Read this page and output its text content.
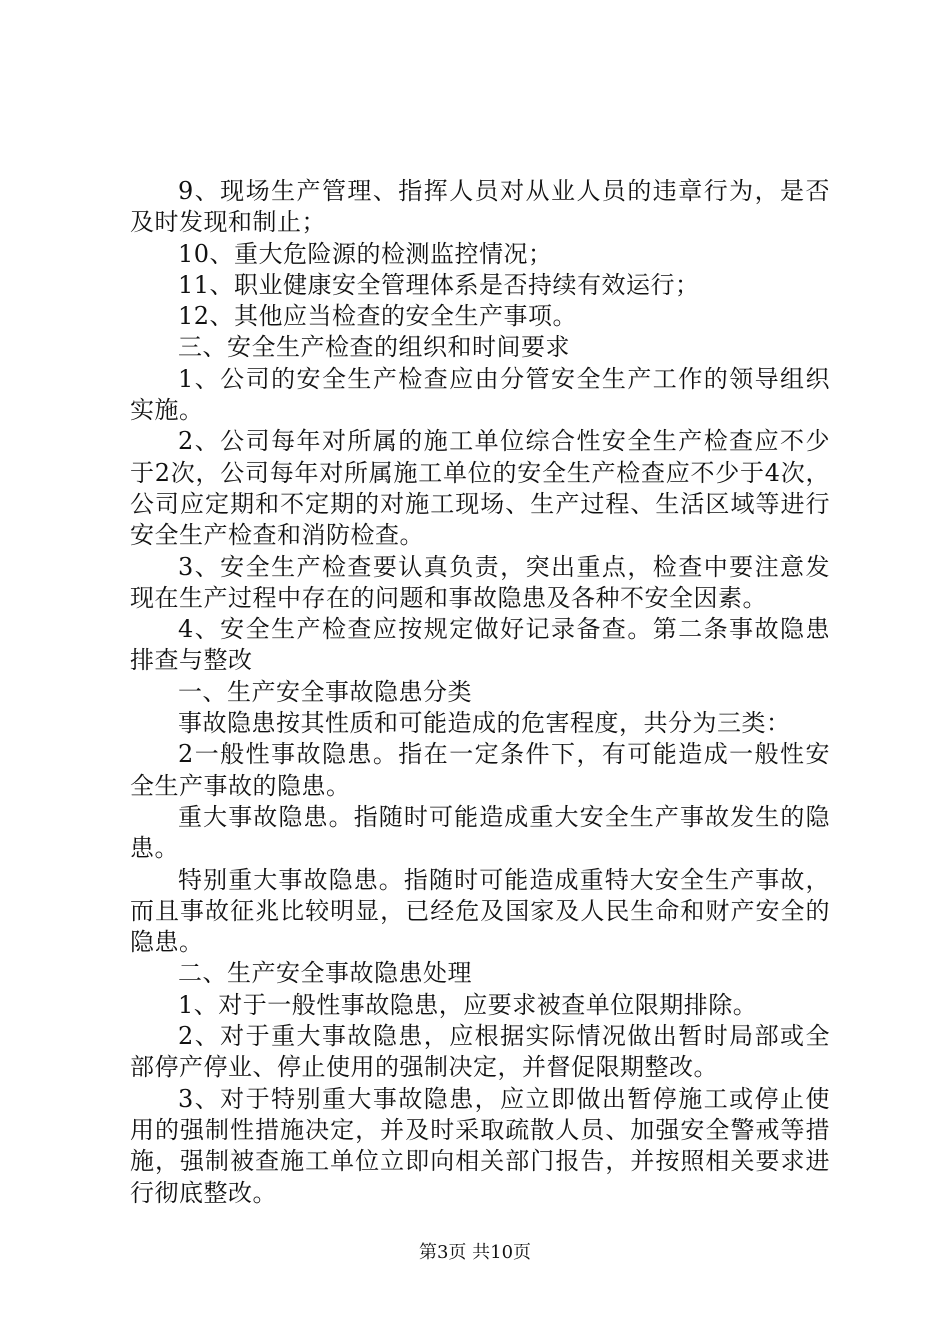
9、现场生产管理、指挥人员对从业人员的违章行为，是否及时发现和制止；

10、重大危险源的检测监控情况；

11、职业健康安全管理体系是否持续有效运行；

12、其他应当检查的安全生产事项。

三、安全生产检查的组织和时间要求

1、公司的安全生产检查应由分管安全生产工作的领导组织实施。

2、公司每年对所属的施工单位综合性安全生产检查应不少于2次，公司每年对所属施工单位的安全生产检查应不少于4次，公司应定期和不定期的对施工现场、生产过程、生活区域等进行安全生产检查和消防检查。

3、安全生产检查要认真负责，突出重点，检查中要注意发现在生产过程中存在的问题和事故隐患及各种不安全因素。

4、安全生产检查应按规定做好记录备查。第二条事故隐患排查与整改

一、生产安全事故隐患分类

事故隐患按其性质和可能造成的危害程度，共分为三类：

2一般性事故隐患。指在一定条件下，有可能造成一般性安全生产事故的隐患。

重大事故隐患。指随时可能造成重大安全生产事故发生的隐患。

特别重大事故隐患。指随时可能造成重特大安全生产事故，而且事故征兆比较明显，已经危及国家及人民生命和财产安全的隐患。

二、生产安全事故隐患处理

1、对于一般性事故隐患，应要求被查单位限期排除。

2、对于重大事故隐患，应根据实际情况做出暂时局部或全部停产停业、停止使用的强制决定，并督促限期整改。

3、对于特别重大事故隐患，应立即做出暂停施工或停止使用的强制性措施决定，并及时采取疏散人员、加强安全警戒等措施，强制被查施工单位立即向相关部门报告，并按照相关要求进行彻底整改。

第3页 共10页
